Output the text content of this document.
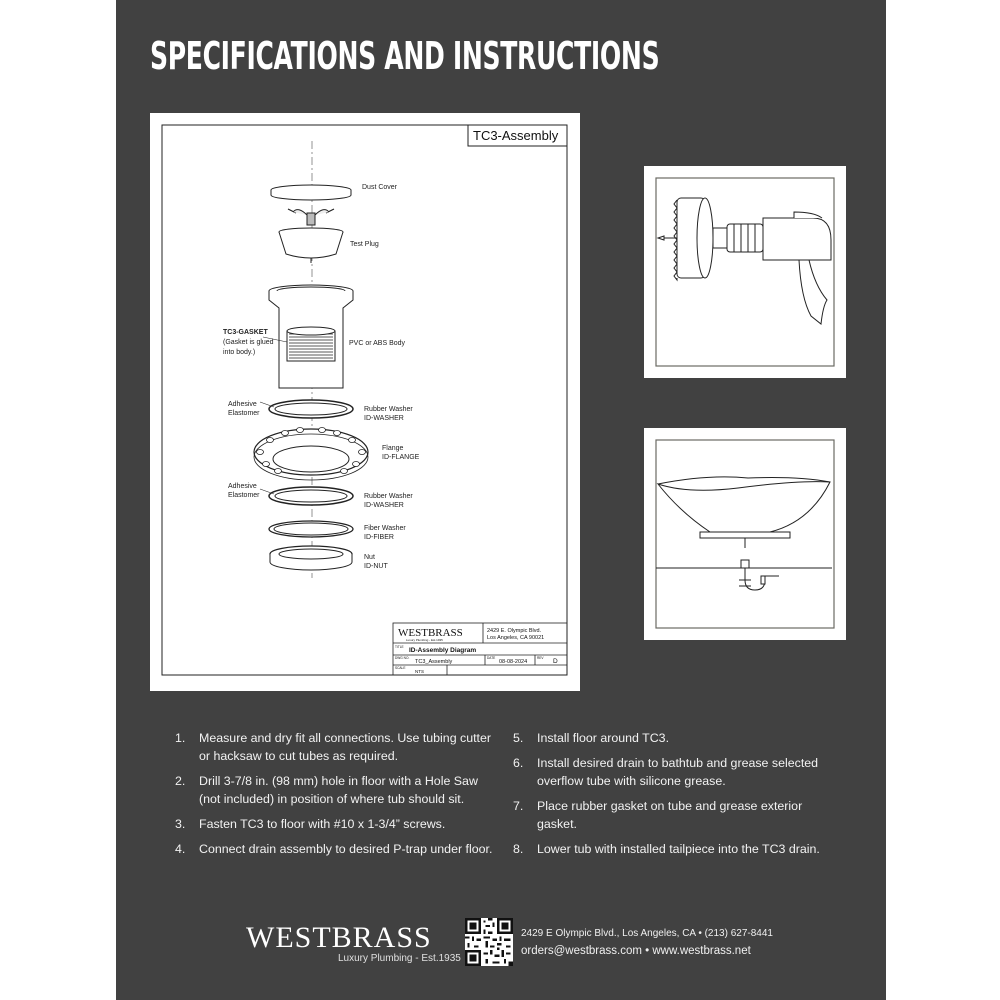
SPECIFICATIONS AND INSTRUCTIONS
TC3-Assembly
Dust Cover
Test Plug
TC3-GASKET
(Gasket is glued
into body.)
PVC or ABS Body
Adhesive
Elastomer
Rubber Washer
ID-WASHER
Flange
ID-FLANGE
Adhesive
Elastomer	Rubber Washer
ID-WASHER
Fiber Washer
ID-FIBER
Nut
ID-NUT
WESTBRASS
Luxury Plumbing - Est.1935
2429 E. Olympic Blvd.
Los Angeles, CA 90021
TITLE ID-Assembly Diagram
DWG NO.
TC3_Assembly
DATE
08-08-2024
REV D
SCALE
NTS
1. Measure and dry fit all connections. Use tubing cutter or hacksaw to cut tubes as required.
2. Drill 3-7/8 in. (98 mm) hole in floor with a Hole Saw (not included) in position of where tub should sit.
3. Fasten TC3 to floor with #10 x 1-3/4” screws.
4. Connect drain assembly to desired P-trap under floor.
5. Install floor around TC3.
6. Install desired drain to bathtub and grease selected overflow tube with silicone grease.
7. Place rubber gasket on tube and grease exterior gasket.
8. Lower tub with installed tailpiece into the TC3 drain.
WESTBRASS
Luxury Plumbing - Est.1935
2429 E Olympic Blvd., Los Angeles, CA • (213) 627-8441
orders@westbrass.com • www.westbrass.net
